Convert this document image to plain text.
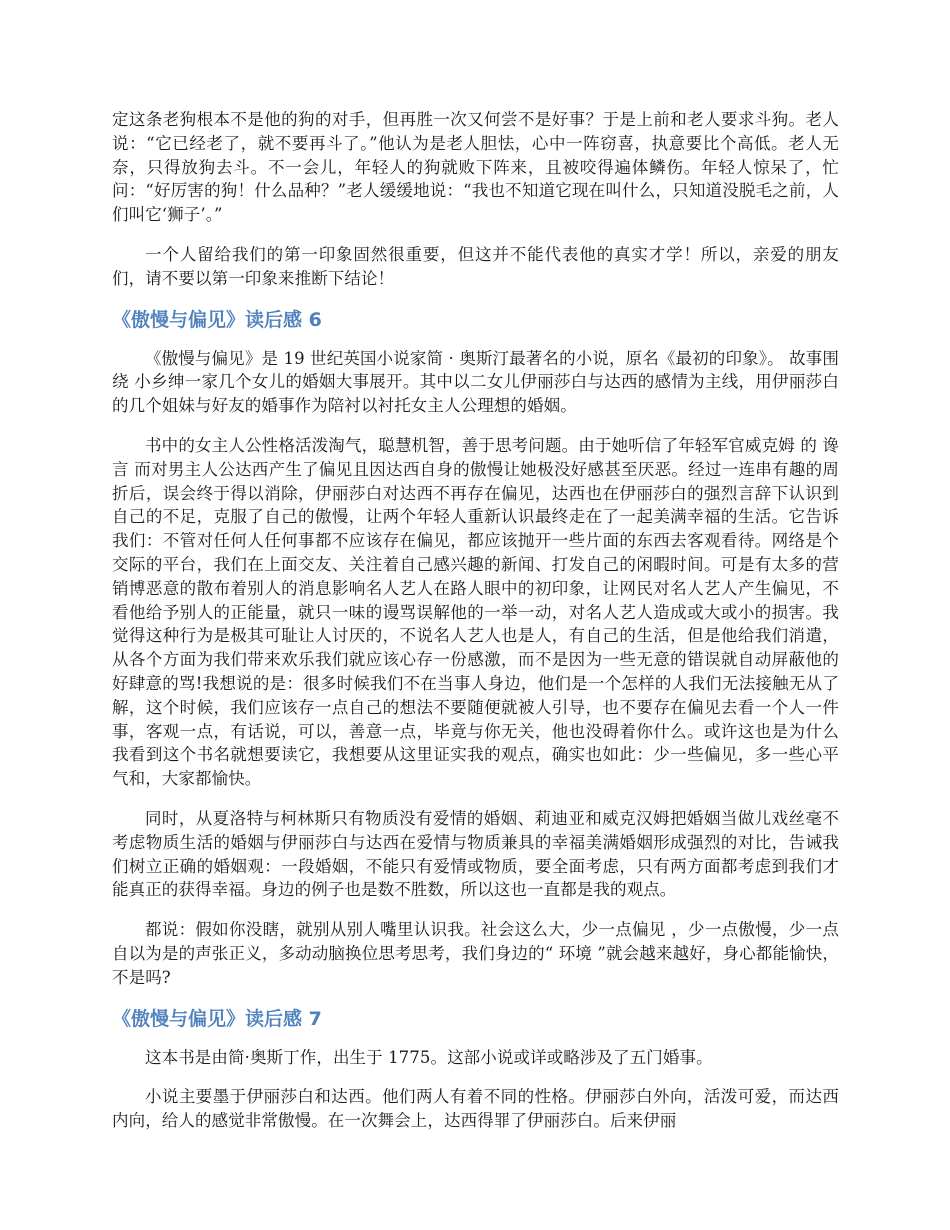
定这条老狗根本不是他的狗的对手，但再胜一次又何尝不是好事？于是上前和老人要求斗狗。老人说：“它已经老了，就不要再斗了。”他认为是老人胆怯，心中一阵窃喜，执意要比个高低。老人无奈，只得放狗去斗。不一会儿，年轻人的狗就败下阵来，且被咬得遍体鳞伤。年轻人惊呆了，忙问：“好厉害的狗！什么品种？”老人缓缓地说：“我也不知道它现在叫什么，只知道没脱毛之前，人们叫它‘狮子’。”

一个人留给我们的第一印象固然很重要，但这并不能代表他的真实才学！所以，亲爱的朋友们，请不要以第一印象来推断下结论！

《傲慢与偏见》读后感 6

《傲慢与偏见》是 19 世纪英国小说家简 · 奥斯汀最著名的小说，原名《最初的印象》。 故事围绕 小乡绅一家几个女儿的婚姻大事展开。其中以二女儿伊丽莎白与达西的感情为主线，用伊丽莎白的几个姐妹与好友的婚事作为陪衬以衬托女主人公理想的婚姻。

书中的女主人公性格活泼淘气，聪慧机智，善于思考问题。由于她听信了年轻军官威克姆 的 谗言 而对男主人公达西产生了偏见且因达西自身的傲慢让她极没好感甚至厌恶。经过一连串有趣的周折后，误会终于得以消除，伊丽莎白对达西不再存在偏见，达西也在伊丽莎白的强烈言辞下认识到自己的不足，克服了自己的傲慢，让两个年轻人重新认识最终走在了一起美满幸福的生活。它告诉我们：不管对任何人任何事都不应该存在偏见，都应该抛开一些片面的东西去客观看待。网络是个交际的平台，我们在上面交友、关注着自己感兴趣的新闻、打发自己的闲暇时间。可是有太多的营销博恶意的散布着别人的消息影响名人艺人在路人眼中的初印象，让网民对名人艺人产生偏见，不看他给予别人的正能量，就只一味的谩骂误解他的一举一动，对名人艺人造成或大或小的损害。我觉得这种行为是极其可耻让人讨厌的，不说名人艺人也是人，有自己的生活，但是他给我们消遣，从各个方面为我们带来欢乐我们就应该心存一份感激，而不是因为一些无意的错误就自动屏蔽他的好肆意的骂!我想说的是：很多时候我们不在当事人身边，他们是一个怎样的人我们无法接触无从了解，这个时候，我们应该存一点自己的想法不要随便就被人引导，也不要存在偏见去看一个人一件事，客观一点，有话说，可以，善意一点，毕竟与你无关，他也没碍着你什么。或许这也是为什么我看到这个书名就想要读它，我想要从这里证实我的观点，确实也如此：少一些偏见，多一些心平气和，大家都愉快。

同时，从夏洛特与柯林斯只有物质没有爱情的婚姻、莉迪亚和威克汉姆把婚姻当做儿戏丝毫不考虑物质生活的婚姻与伊丽莎白与达西在爱情与物质兼具的幸福美满婚姻形成强烈的对比，告诫我们树立正确的婚姻观：一段婚姻，不能只有爱情或物质，要全面考虑，只有两方面都考虑到我们才能真正的获得幸福。身边的例子也是数不胜数，所以这也一直都是我的观点。

都说：假如你没瞎，就别从别人嘴里认识我。社会这么大，少一点偏见 ，少一点傲慢，少一点自以为是的声张正义，多动动脑换位思考思考，我们身边的“ 环境 ”就会越来越好，身心都能愉快，不是吗?

《傲慢与偏见》读后感 7

这本书是由简·奥斯丁作，出生于 1775。这部小说或详或略涉及了五门婚事。

小说主要墨于伊丽莎白和达西。他们两人有着不同的性格。伊丽莎白外向，活泼可爱，而达西内向，给人的感觉非常傲慢。在一次舞会上，达西得罪了伊丽莎白。后来伊丽
